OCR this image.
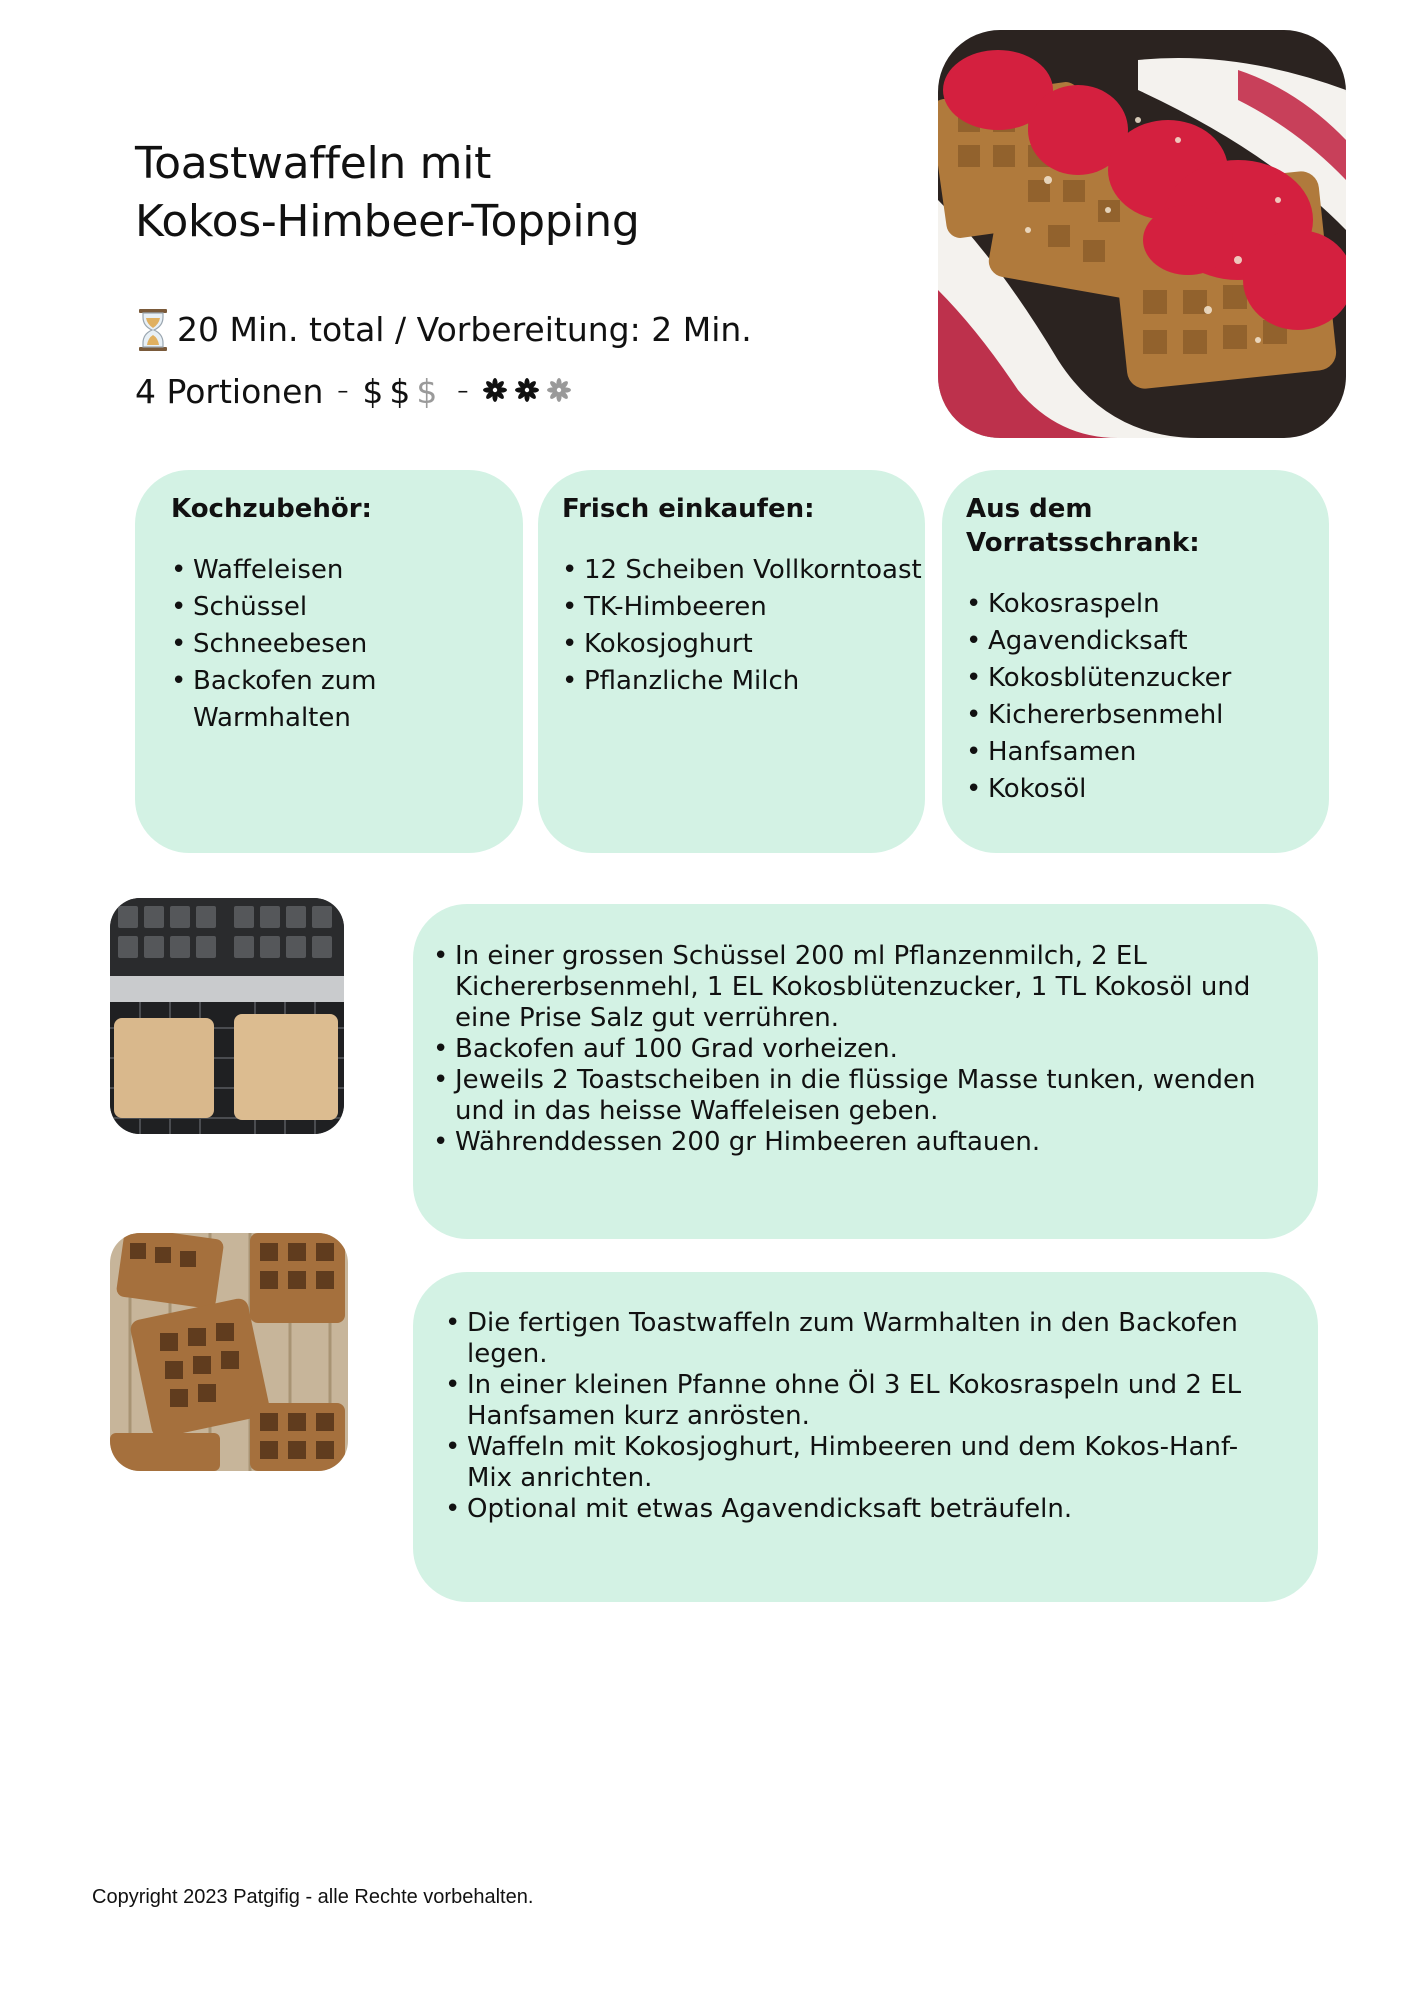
Toastwaffeln mit
Kokos-Himbeer-Topping
20 Min. total / Vorbereitung: 2 Min.
4 Portionen – $ $ $ –
Kochzubehör:
• Waffeleisen
• Schüssel
• Schneebesen
• Backofen zum Warmhalten
Frisch einkaufen:
• 12 Scheiben Vollkorntoast
• TK-Himbeeren
• Kokosjoghurt
• Pflanzliche Milch
Aus dem Vorratsschrank:
• Kokosraspeln
• Agavendicksaft
• Kokosblütenzucker
• Kichererbsenmehl
• Hanfsamen
• Kokosöl
• In einer grossen Schüssel 200 ml Pflanzenmilch, 2 EL Kichererbsenmehl, 1 EL Kokosblütenzucker, 1 TL Kokosöl und eine Prise Salz gut verrühren.
• Backofen auf 100 Grad vorheizen.
• Jeweils 2 Toastscheiben in die flüssige Masse tunken, wenden und in das heisse Waffeleisen geben.
• Währenddessen 200 gr Himbeeren auftauen.
• Die fertigen Toastwaffeln zum Warmhalten in den Backofen legen.
• In einer kleinen Pfanne ohne Öl 3 EL Kokosraspeln und 2 EL Hanfsamen kurz anrösten.
• Waffeln mit Kokosjoghurt, Himbeeren und dem Kokos-Hanf-Mix anrichten.
• Optional mit etwas Agavendicksaft beträufeln.
Copyright 2023 Patgifig - alle Rechte vorbehalten.
